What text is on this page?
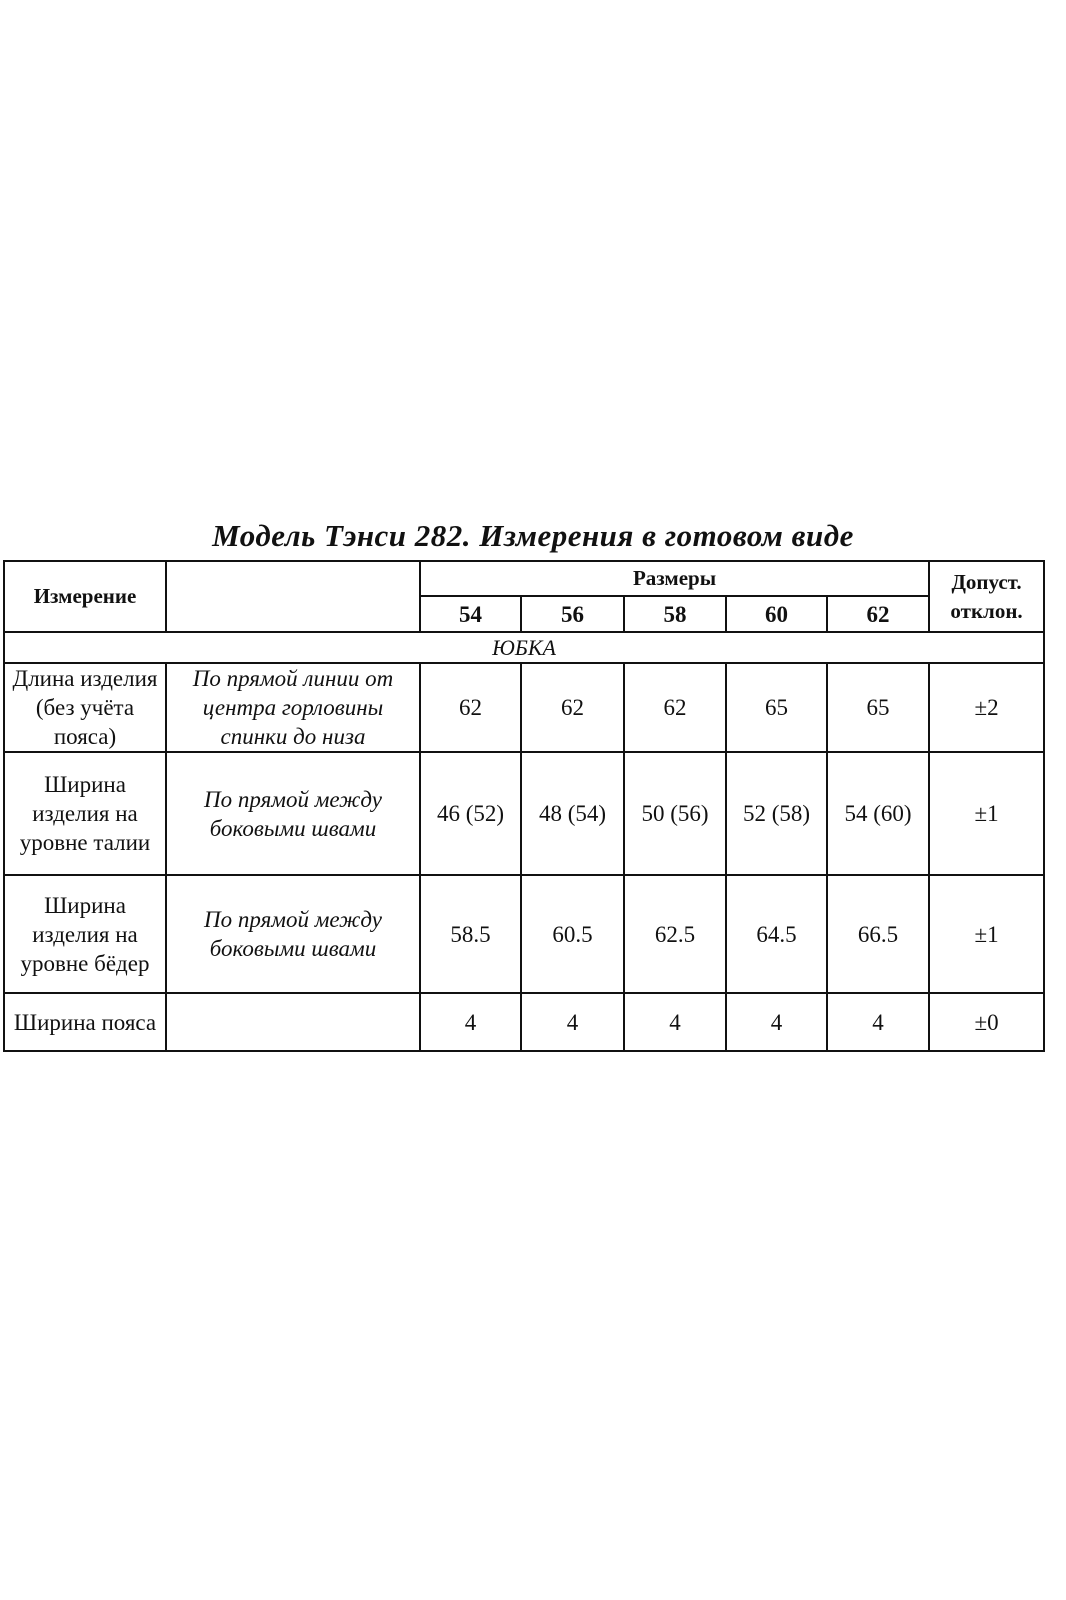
Модель Тэнси 282. Измерения в готовом виде
Измерение		Размеры					Допуст. отклон.
		54	56	58	60	62	
ЮБКА							
Длина изделия (без учёта пояса)	По прямой линии от центра горловины спинки до низа	62	62	62	65	65	±2
Ширина изделия на уровне талии	По прямой между боковыми швами	46 (52)	48 (54)	50 (56)	52 (58)	54 (60)	±1
Ширина изделия на уровне бёдер	По прямой между боковыми швами	58.5	60.5	62.5	64.5	66.5	±1
Ширина пояса		4	4	4	4	4	±0
